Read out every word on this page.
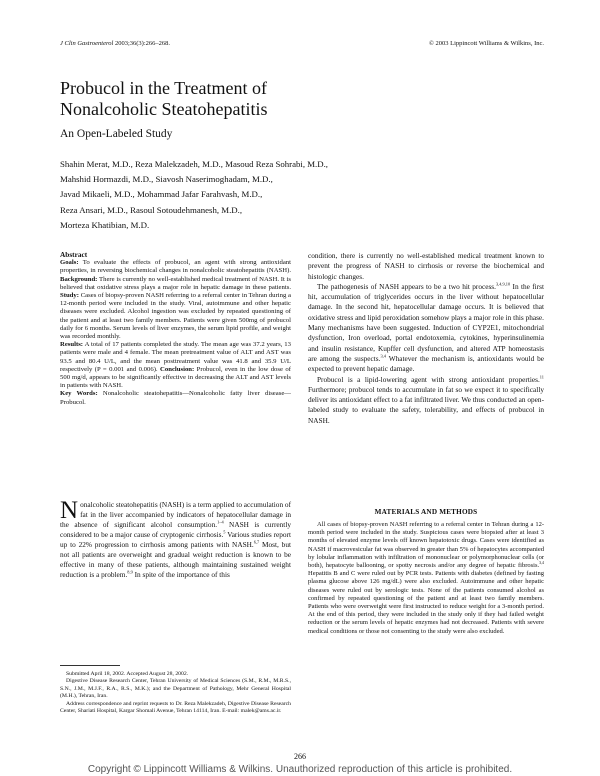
J Clin Gastroenterol 2003;36(3):266–268.	© 2003 Lippincott Williams & Wilkins, Inc.
Probucol in the Treatment of
Nonalcoholic Steatohepatitis
An Open-Labeled Study
Shahin Merat, M.D., Reza Malekzadeh, M.D., Masoud Reza Sohrabi, M.D.,
Mahshid Hormazdi, M.D., Siavosh Naserimoghadam, M.D.,
Javad Mikaeli, M.D., Mohammad Jafar Farahvash, M.D.,
Reza Ansari, M.D., Rasoul Sotoudehmanesh, M.D.,
Morteza Khatibian, M.D.

Abstract

Goals: To evaluate the effects of probucol, an agent with strong antioxidant properties, in reversing biochemical changes in nonalcoholic steatohepatitis (NASH). Background: There is currently no well-established medical treatment of NASH. It is believed that oxidative stress plays a major role in hepatic damage in these patients. Study: Cases of biopsy-proven NASH referring to a referral center in Tehran during a 12-month period were included in the study. Viral, autoimmune and other hepatic diseases were excluded. Alcohol ingestion was excluded by repeated questioning of the patient and at least two family members. Patients were given 500mg of probucol daily for 6 months. Serum levels of liver enzymes, the serum lipid profile, and weight was recorded monthly.

Results: A total of 17 patients completed the study. The mean age was 37.2 years, 13 patients were male and 4 female. The mean pretreatment value of ALT and AST was 93.5 and 80.4 U/L, and the mean posttreatment value was 41.8 and 35.9 U/L respectively (P = 0.001 and 0.006). Conclusion: Probucol, even in the low dose of 500 mg/d, appears to be significantly effective in decreasing the ALT and AST levels in patients with NASH.

Key Words: Nonalcoholic steatohepatitis—Nonalcoholic fatty liver disease—Probucol.

Nonalcoholic steatohepatitis (NASH) is a term applied to accumulation of fat in the liver accompanied by indicators of hepatocellular damage in the absence of significant alcohol consumption.$^{1-4}$ NASH is currently considered to be a major cause of cryptogenic cirrhosis.$^5$ Various studies report up to 22% progression to cirrhosis among patients with NASH.$^{6,7}$ Most, but not all patients are overweight and gradual weight reduction is known to be effective in many of these patients, although maintaining sustained weight reduction is a problem.$^{8,9}$ In spite of the importance of this

Submitted April 18, 2002. Accepted August 28, 2002.

Digestive Disease Research Center, Tehran University of Medical Sciences (S.M., R.M., M.R.S., S.N., J.M., M.J.F., R.A., R.S., M.K.); and the Department of Pathology, Mehr General Hospital (M.H.), Tehran, Iran.

Address correspondence and reprint requests to Dr. Reza Malekzadeh, Digestive Disease Research Center, Shariati Hospital, Kargar Shomali Avenue, Tehran 14114, Iran. E-mail: malek@ams.ac.ir.

condition, there is currently no well-established medical treatment known to prevent the progress of NASH to cirrhosis or reverse the biochemical and histologic changes.

The pathogenesis of NASH appears to be a two hit process.$^{3,4,9,10}$ In the first hit, accumulation of triglycerides occurs in the liver without hepatocellular damage. In the second hit, hepatocellular damage occurs. It is believed that oxidative stress and lipid peroxidation somehow plays a major role in this phase. Many mechanisms have been suggested. Induction of CYP2E1, mitochondrial dysfunction, Iron overload, portal endotoxemia, cytokines, hyperinsulinemia and insulin resistance, Kupffer cell dysfunction, and altered ATP homeostasis are among the suspects.$^{3,4}$ Whatever the mechanism is, antioxidants would be expected to prevent hepatic damage.

Probucol is a lipid-lowering agent with strong antioxidant properties.$^{11}$ Furthermore; probucol tends to accumulate in fat so we expect it to specifically deliver its antioxidant effect to a fat infiltrated liver. We thus conducted an open-labeled study to evaluate the safety, tolerability, and effects of probucol in NASH.

MATERIALS AND METHODS

All cases of biopsy-proven NASH referring to a referral center in Tehran during a 12-month period were included in the study. Suspicious cases were biopsied after at least 3 months of elevated enzyme levels off known hepatotoxic drugs. Cases were identified as NASH if macrovesicular fat was observed in greater than 5% of hepatocytes accompanied by lobular inflammation with infiltration of mononuclear or polymorphonuclear cells (or both), hepatocyte ballooning, or spotty necrosis and/or any degree of hepatic fibrosis.$^{3,4}$ Hepatitis B and C were ruled out by PCR tests. Patients with diabetes (defined by fasting plasma glucose above 126 mg/dL) were also excluded. Autoimmune and other hepatic diseases were ruled out by serologic tests. None of the patients consumed alcohol as confirmed by repeated questioning of the patient and at least two family members. Patients who were overweight were first instructed to reduce weight for a 3-month period. At the end of this period, they were included in the study only if they had failed weight reduction or the serum levels of hepatic enzymes had not decreased. Patients with severe medical conditions or those not consenting to the study were also excluded.

266
Copyright © Lippincott Williams & Wilkins. Unauthorized reproduction of this article is prohibited.
